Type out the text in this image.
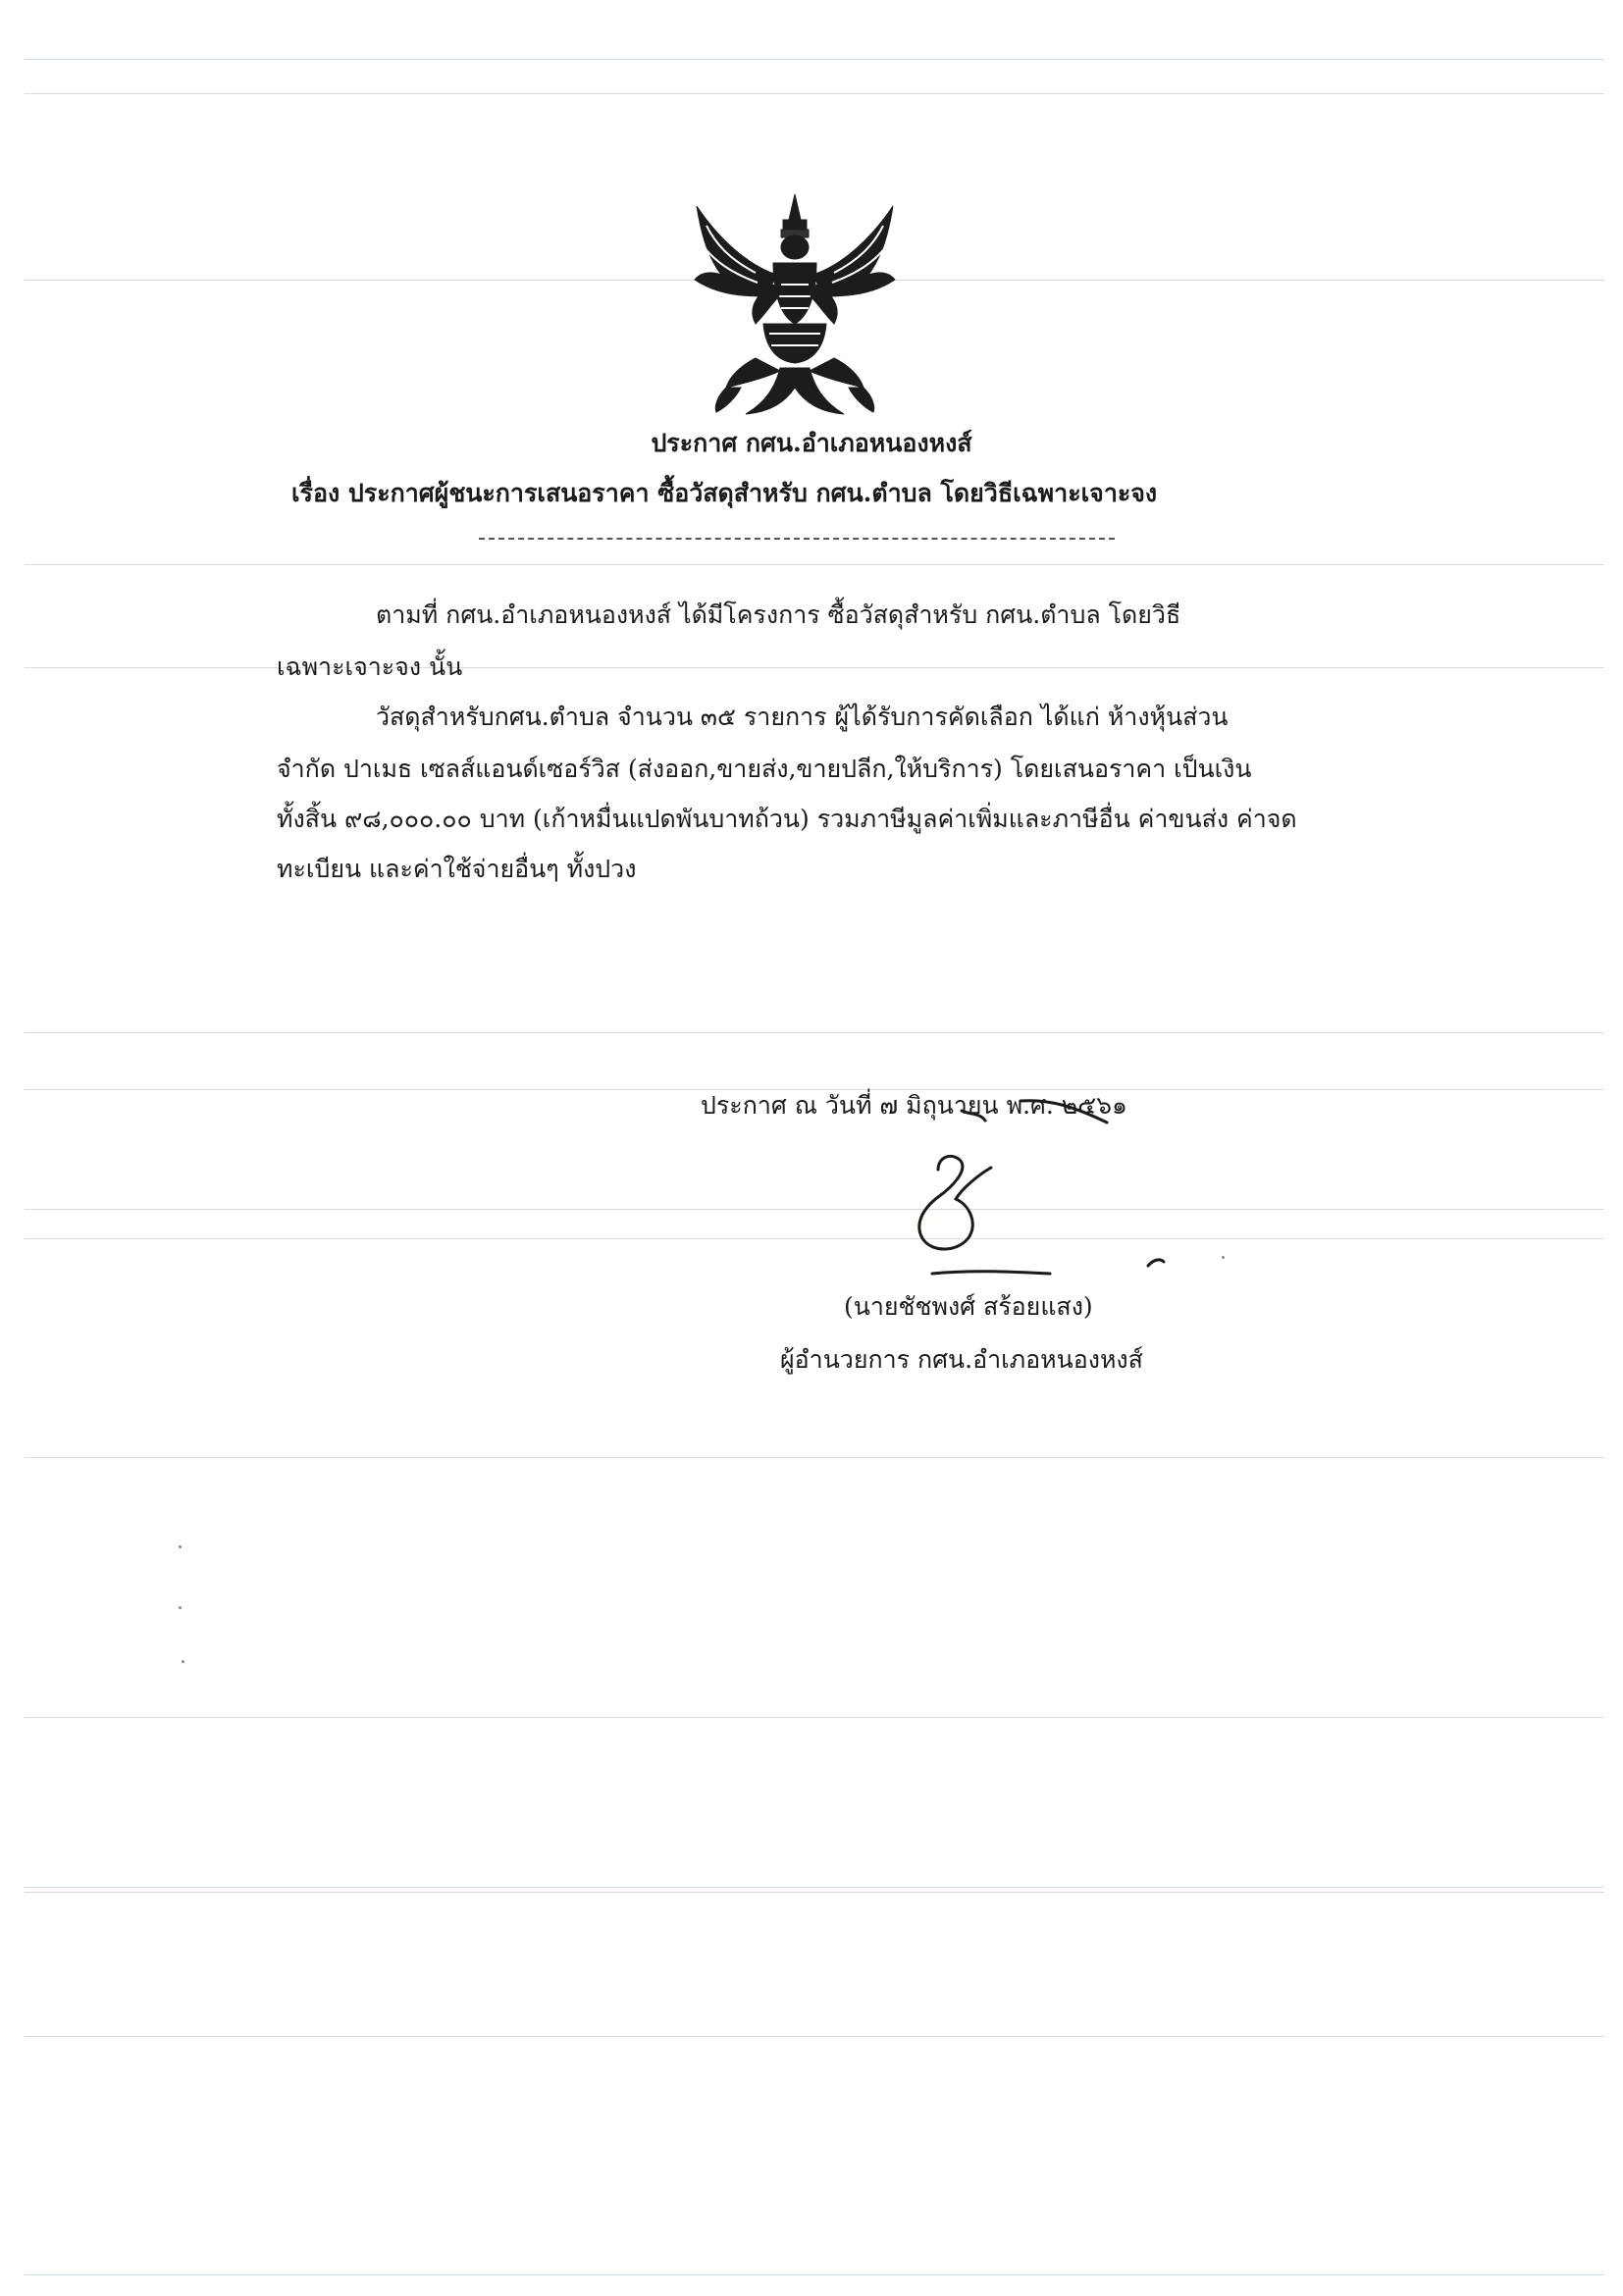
ประกาศ กศน.อำเภอหนองหงส์
เรื่อง ประกาศผู้ชนะการเสนอราคา ซื้อวัสดุสำหรับ กศน.ตำบล โดยวิธีเฉพาะเจาะจง
ตามที่ กศน.อำเภอหนองหงส์ ได้มีโครงการ ซื้อวัสดุสำหรับ กศน.ตำบล โดยวิธี
เฉพาะเจาะจง นั้น
วัสดุสำหรับกศน.ตำบล จำนวน ๓๕ รายการ ผู้ได้รับการคัดเลือก ได้แก่ ห้างหุ้นส่วน
จำกัด ปาเมธ เซลส์แอนด์เซอร์วิส (ส่งออก,ขายส่ง,ขายปลีก,ให้บริการ) โดยเสนอราคา เป็นเงิน
ทั้งสิ้น ๙๘,๐๐๐.๐๐ บาท (เก้าหมื่นแปดพันบาทถ้วน) รวมภาษีมูลค่าเพิ่มและภาษีอื่น ค่าขนส่ง ค่าจด
ทะเบียน และค่าใช้จ่ายอื่นๆ ทั้งปวง
ประกาศ ณ วันที่ ๗ มิถุนายน พ.ศ. ๒๕๖๑
(นายชัชพงศ์ สร้อยแสง)
ผู้อำนวยการ กศน.อำเภอหนองหงส์
